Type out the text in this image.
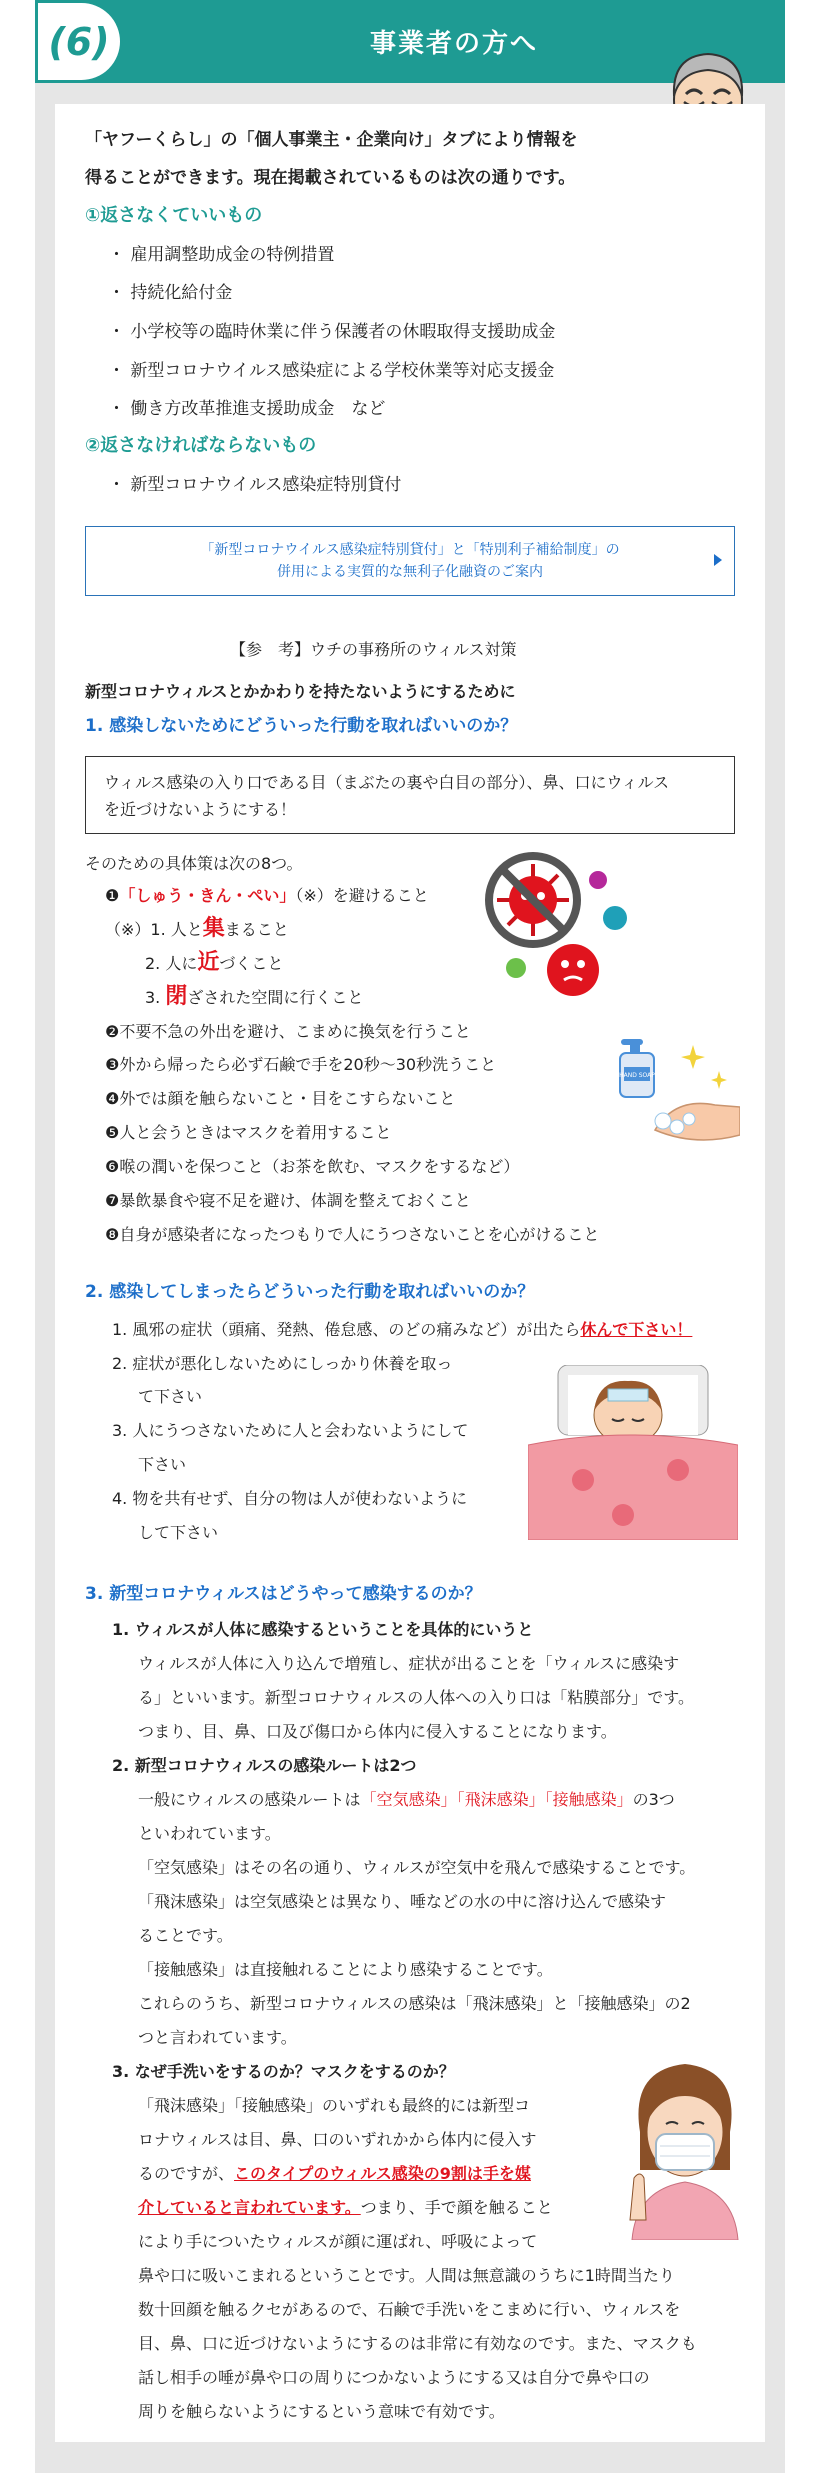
(6)	事業者の方へ
「ヤフーくらし」の「個人事業主・企業向け」タブにより情報を
得ることができます。現在掲載されているものは次の通りです。
①返さなくていいもの
・ 雇用調整助成金の特例措置
・ 持続化給付金
・ 小学校等の臨時休業に伴う保護者の休暇取得支援助成金
・ 新型コロナウイルス感染症による学校休業等対応支援金
・ 働き方改革推進支援助成金　など
②返さなければならないもの
・ 新型コロナウイルス感染症特別貸付
「新型コロナウイルス感染症特別貸付」と「特別利子補給制度」の
併用による実質的な無利子化融資のご案内
【参　考】ウチの事務所のウィルス対策
新型コロナウィルスとかかわりを持たないようにするために
1. 感染しないためにどういった行動を取ればいいのか？
ウィルス感染の入り口である目（まぶたの裏や白目の部分）、鼻、口にウィルス
を近づけないようにする！
そのための具体策は次の8つ。
❶「しゅう・きん・ぺい」（※）を避けること
（※）1. 人と集まること
2. 人に近づくこと
3. 閉ざされた空間に行くこと
❷不要不急の外出を避け、こまめに換気を行うこと
❸外から帰ったら必ず石鹸で手を20秒〜30秒洗うこと
❹外では顔を触らないこと・目をこすらないこと
❺人と会うときはマスクを着用すること
❻喉の潤いを保つこと（お茶を飲む、マスクをするなど）
❼暴飲暴食や寝不足を避け、体調を整えておくこと
❽自身が感染者になったつもりで人にうつさないことを心がけること
HAND SOAP
2. 感染してしまったらどういった行動を取ればいいのか？
1. 風邪の症状（頭痛、発熱、倦怠感、のどの痛みなど）が出たら休んで下さい！
2. 症状が悪化しないためにしっかり休養を取っ
て下さい
3. 人にうつさないために人と会わないようにして
下さい
4. 物を共有せず、自分の物は人が使わないように
して下さい
3. 新型コロナウィルスはどうやって感染するのか？
1. ウィルスが人体に感染するということを具体的にいうと
ウィルスが人体に入り込んで増殖し、症状が出ることを「ウィルスに感染す
る」といいます。新型コロナウィルスの人体への入り口は「粘膜部分」です。
つまり、目、鼻、口及び傷口から体内に侵入することになります。
2. 新型コロナウィルスの感染ルートは2つ
一般にウィルスの感染ルートは「空気感染」「飛沫感染」「接触感染」の3つ
といわれています。
「空気感染」はその名の通り、ウィルスが空気中を飛んで感染することです。
「飛沫感染」は空気感染とは異なり、唾などの水の中に溶け込んで感染す
ることです。
「接触感染」は直接触れることにより感染することです。
これらのうち、新型コロナウィルスの感染は「飛沫感染」と「接触感染」の2
つと言われています。
3. なぜ手洗いをするのか？マスクをするのか？
「飛沫感染」「接触感染」のいずれも最終的には新型コ
ロナウィルスは目、鼻、口のいずれかから体内に侵入す
るのですが、このタイプのウィルス感染の9割は手を媒
介していると言われています。つまり、手で顔を触ること
により手についたウィルスが顔に運ばれ、呼吸によって
鼻や口に吸いこまれるということです。人間は無意識のうちに1時間当たり
数十回顔を触るクセがあるので、石鹸で手洗いをこまめに行い、ウィルスを
目、鼻、口に近づけないようにするのは非常に有効なのです。また、マスクも
話し相手の唾が鼻や口の周りにつかないようにする又は自分で鼻や口の
周りを触らないようにするという意味で有効です。
